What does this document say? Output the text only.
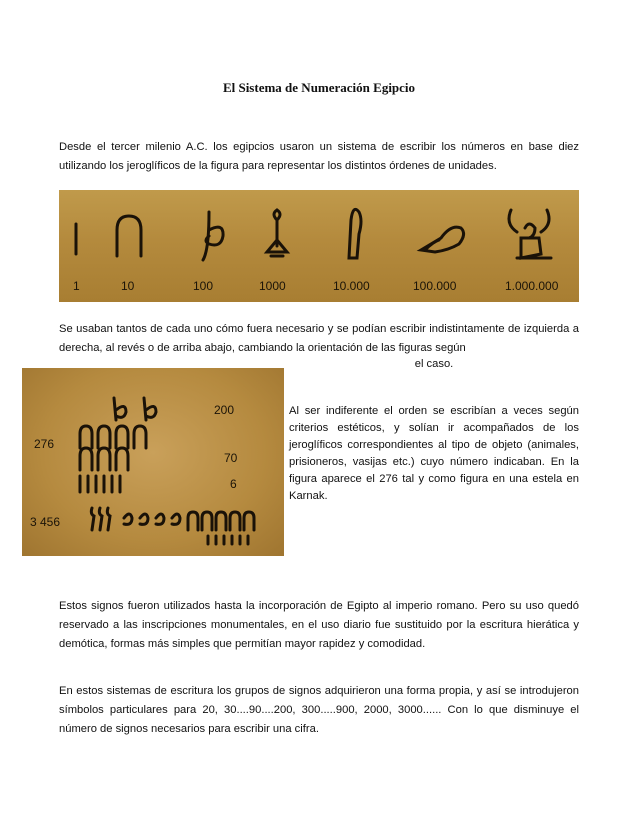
El Sistema de Numeración Egipcio

Desde el tercer milenio A.C. los egipcios usaron un sistema de escribir los números en base diez utilizando los jeroglíficos de la figura para representar los distintos órdenes de unidades.

1	10	100	1000	10.000	100.000	1.000.000

Se usaban tantos de cada uno cómo fuera necesario y se podían escribir indistintamente de izquierda a derecha, al revés o de arriba abajo, cambiando la orientación de las figuras según

el caso.

276
200
70
6
3 456

Al ser indiferente el orden se escribían a veces según criterios estéticos, y solían ir acompañados de los jeroglíficos correspondientes al tipo de objeto (animales, prisioneros, vasijas etc.) cuyo número indicaban. En la figura aparece el 276 tal y como figura en una estela en Karnak.

Estos signos fueron utilizados hasta la incorporación de Egipto al imperio romano. Pero su uso quedó reservado a las inscripciones monumentales, en el uso diario fue sustituido por la escritura hierática y demótica, formas más simples que permitían mayor rapidez y comodidad.

En estos sistemas de escritura los grupos de signos adquirieron una forma propia, y así se introdujeron símbolos particulares para 20, 30....90....200, 300.....900, 2000, 3000...... Con lo que disminuye el número de signos necesarios para escribir una cifra.
